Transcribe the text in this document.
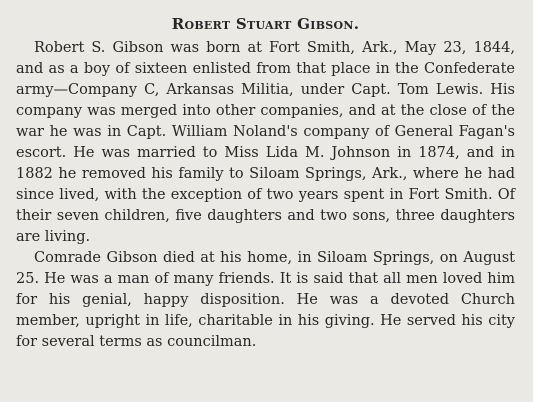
Robert Stuart Gibson.

Robert S. Gibson was born at Fort Smith, Ark., May 23, 1844, and as a boy of sixteen enlisted from that place in the Confederate army—Company C, Arkansas Militia, under Capt. Tom Lewis. His company was merged into other companies, and at the close of the war he was in Capt. William Noland's company of General Fagan's escort. He was married to Miss Lida M. Johnson in 1874, and in 1882 he removed his family to Siloam Springs, Ark., where he had since lived, with the exception of two years spent in Fort Smith. Of their seven children, five daughters and two sons, three daughters are living.

Comrade Gibson died at his home, in Siloam Springs, on August 25. He was a man of many friends. It is said that all men loved him for his genial, happy disposition. He was a devoted Church member, upright in life, charitable in his giving. He served his city for several terms as councilman.
